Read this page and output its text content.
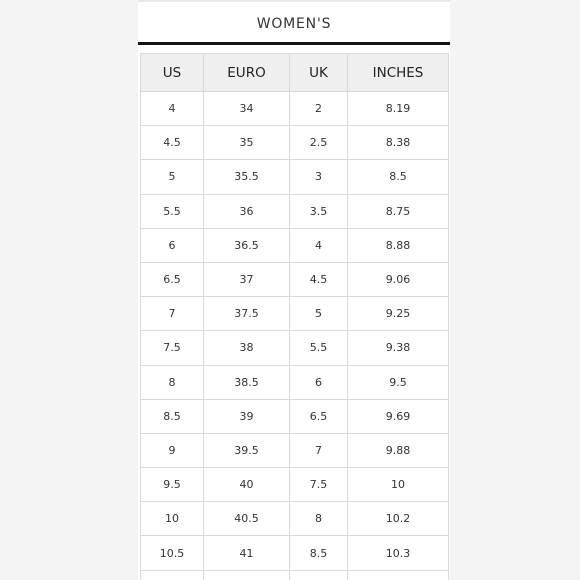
WOMEN'S
US	EURO	UK	INCHES
4	34	2	8.19
4.5	35	2.5	8.38
5	35.5	3	8.5
5.5	36	3.5	8.75
6	36.5	4	8.88
6.5	37	4.5	9.06
7	37.5	5	9.25
7.5	38	5.5	9.38
8	38.5	6	9.5
8.5	39	6.5	9.69
9	39.5	7	9.88
9.5	40	7.5	10
10	40.5	8	10.2
10.5	41	8.5	10.3
